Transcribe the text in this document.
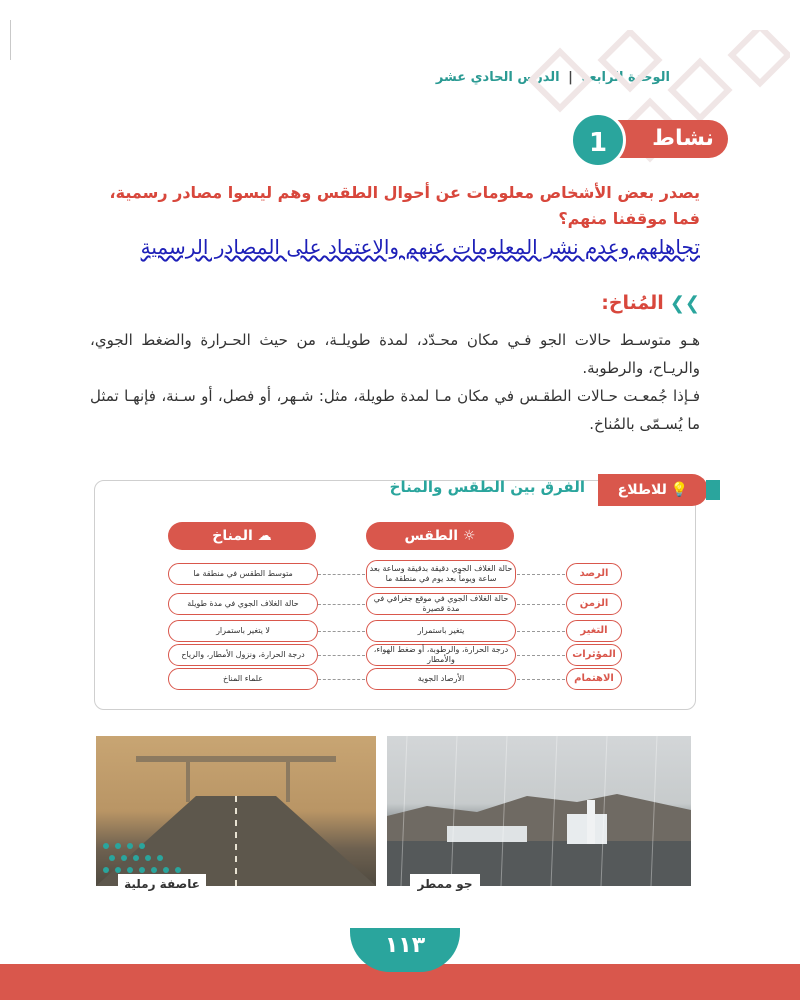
الوحدة الرابعة | الدرس الحادي عشر
نشاط
1
يصدر بعض الأشخاص معلومات عن أحوال الطقس وهم ليسوا مصادر رسمية، فما موقفنا منهم؟
تجاهلهم وعدم نشر المعلومات عنهم والاعتماد على المصادر الرسمية
❯❯المُناخ:

هـو متوسـط حالات الجو فـي مكان محـدّد، لمدة طويلـة، من حيث الحـرارة والضغط الجوي، والريـاح، والرطوبة.

فـإذا جُمعـت حـالات الطقـس في مكان مـا لمدة طويلة، مثل: شـهر، أو فصل، أو سـنة، فإنهـا تمثل ما يُسـمّى بالمُناخ.

💡للاطلاع
الفرق بين الطقس والمناخ
☼ الطقس
☁ المناخ
الرصد
حالة الغلاف الجوي دقيقة بدقيقة وساعة بعد ساعة ويوماً بعد يوم في منطقة ما
متوسط الطقس في منطقة ما
الزمن
حالة الغلاف الجوي في موقع جغرافي في مدة قصيرة
حالة الغلاف الجوي في مدة طويلة
التغير
يتغير باستمرار
لا يتغير باستمرار
المؤثرات
درجة الحرارة، والرطوبة، أو ضغط الهواء، والأمطار
درجة الحرارة، ونزول الأمطار، والرياح
الاهتمام
الأرصاد الجوية
علماء المناخ
جو ممطر
عاصفة رملية
١١٣
